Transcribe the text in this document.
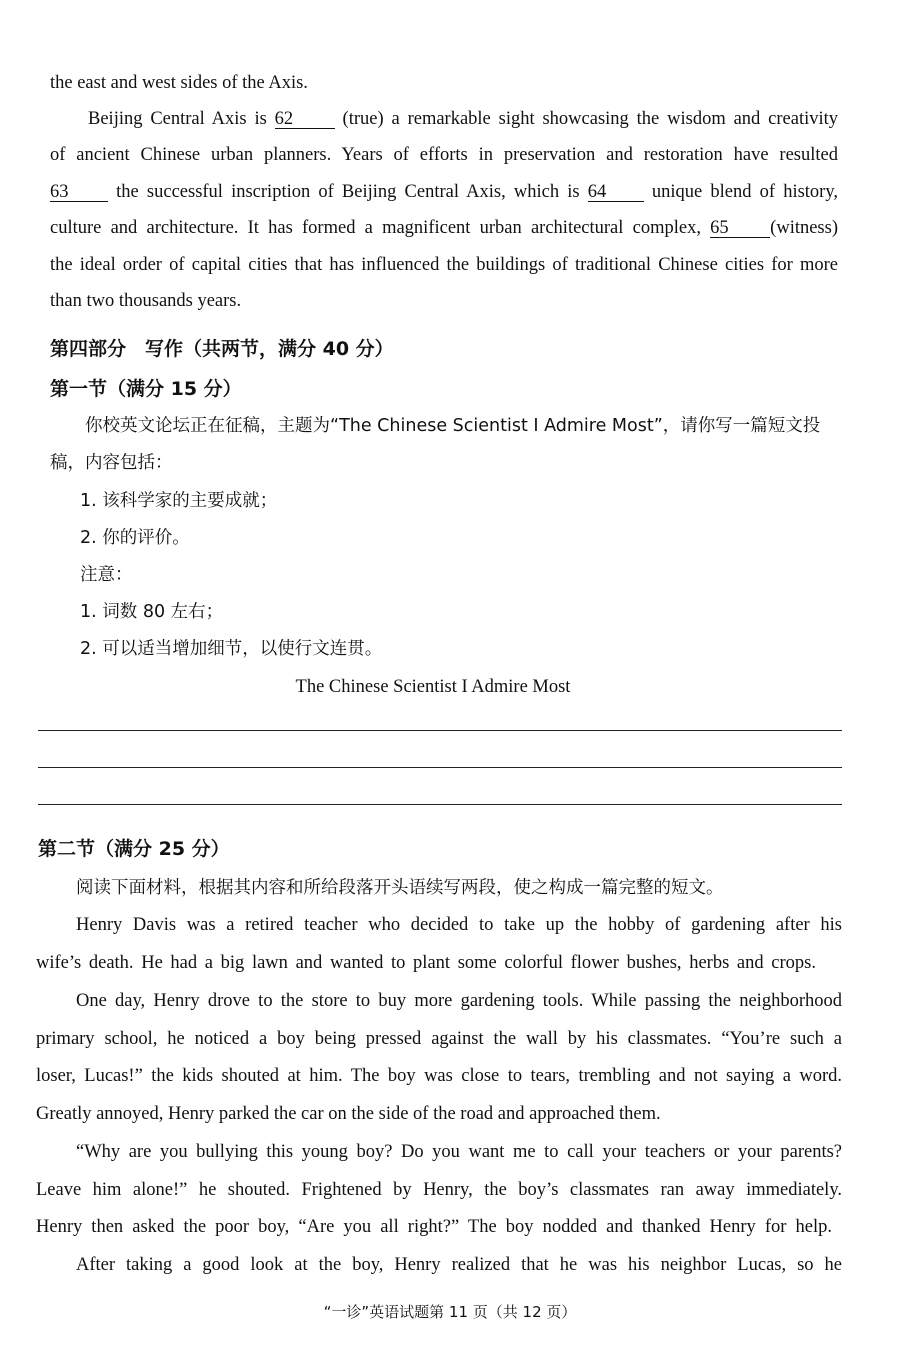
the east and west sides of the Axis.
Beijing Central Axis is 62	(true) a remarkable sight showcasing the wisdom and creativity
of ancient Chinese urban planners. Years of efforts in preservation and restoration have resulted
63	the successful inscription of Beijing Central Axis, which is 64 unique blend of history,
culture and architecture. It has formed a magnificent urban architectural complex, 65 (witness)
the ideal order of capital cities that has influenced the buildings of traditional Chinese cities for more
than two thousands years.
第四部分　写作（共两节，满分 40 分）
第一节（满分 15 分）
你校英文论坛正在征稿，主题为“The Chinese Scientist I Admire Most”，请你写一篇短文投
稿，内容包括：
1. 该科学家的主要成就；
2. 你的评价。
注意：
1. 词数 80 左右；
2. 可以适当增加细节，以使行文连贯。
The Chinese Scientist I Admire Most
第二节（满分 25 分）
阅读下面材料，根据其内容和所给段落开头语续写两段，使之构成一篇完整的短文。
Henry Davis was a retired teacher who decided to take up the hobby of gardening after his
wife’s death. He had a big lawn and wanted to plant some colorful flower bushes, herbs and crops.
One day, Henry drove to the store to buy more gardening tools. While passing the neighborhood
primary school, he noticed a boy being pressed against the wall by his classmates. “You’re such a
loser, Lucas!” the kids shouted at him. The boy was close to tears, trembling and not saying a word.
Greatly annoyed, Henry parked the car on the side of the road and approached them.
“Why are you bullying this young boy? Do you want me to call your teachers or your parents?
Leave him alone!” he shouted. Frightened by Henry, the boy’s classmates ran away immediately.
Henry then asked the poor boy, “Are you all right?” The boy nodded and thanked Henry for help.
After taking a good look at the boy, Henry realized that he was his neighbor Lucas, so he
“一诊”英语试题第 11 页（共 12 页）
